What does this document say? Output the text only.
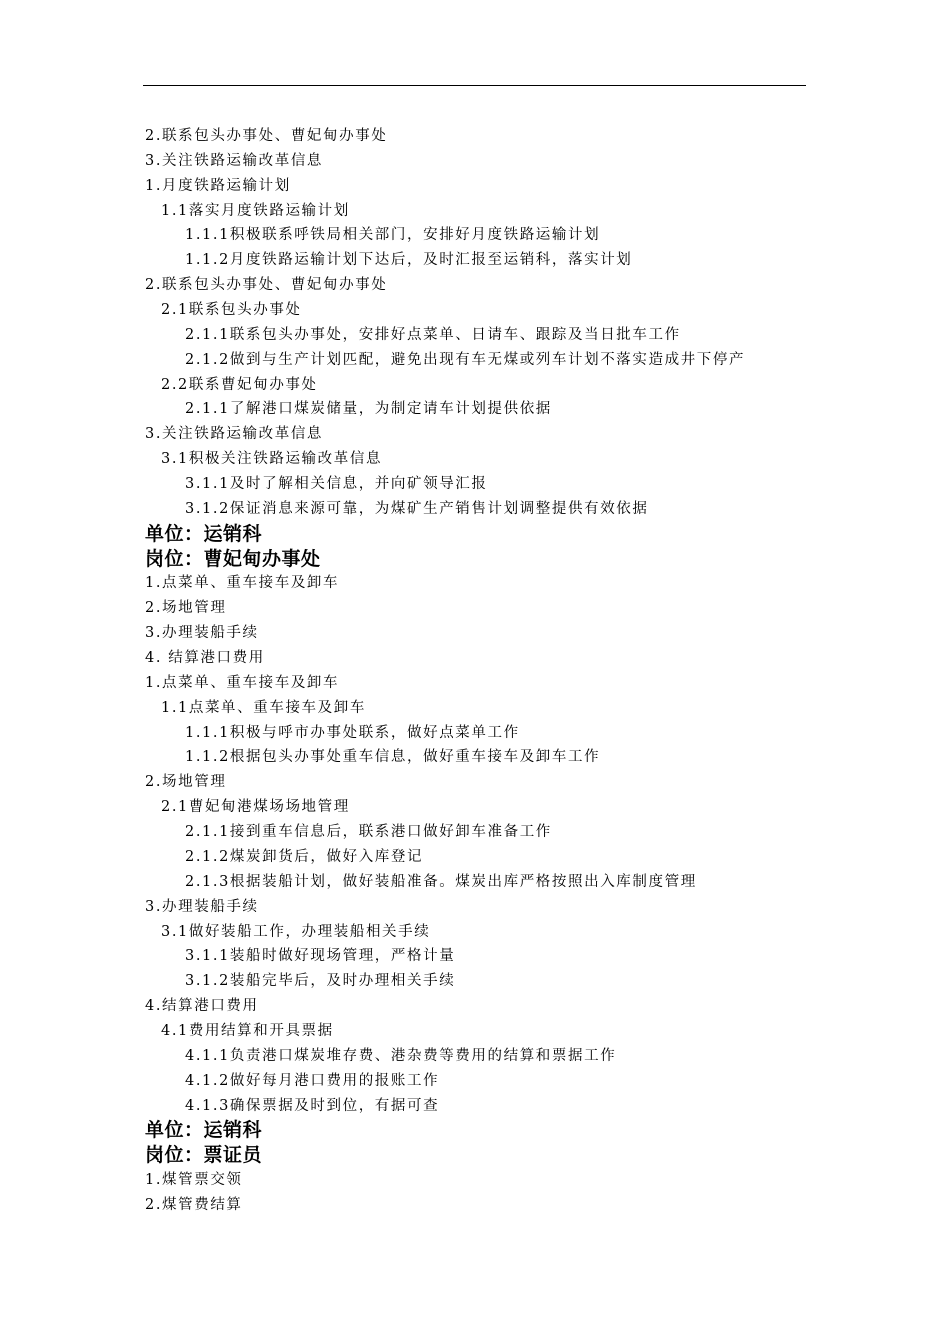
2.联系包头办事处、曹妃甸办事处
3.关注铁路运输改革信息
1.月度铁路运输计划
1.1落实月度铁路运输计划
1.1.1积极联系呼铁局相关部门，安排好月度铁路运输计划
1.1.2月度铁路运输计划下达后，及时汇报至运销科，落实计划
2.联系包头办事处、曹妃甸办事处
2.1联系包头办事处
2.1.1联系包头办事处，安排好点菜单、日请车、跟踪及当日批车工作
2.1.2做到与生产计划匹配，避免出现有车无煤或列车计划不落实造成井下停产
2.2联系曹妃甸办事处
2.1.1了解港口煤炭储量，为制定请车计划提供依据
3.关注铁路运输改革信息
3.1积极关注铁路运输改革信息
3.1.1及时了解相关信息，并向矿领导汇报
3.1.2保证消息来源可靠，为煤矿生产销售计划调整提供有效依据
单位：运销科
岗位：曹妃甸办事处
1.点菜单、重车接车及卸车
2.场地管理
3.办理装船手续
4. 结算港口费用
1.点菜单、重车接车及卸车
1.1点菜单、重车接车及卸车
1.1.1积极与呼市办事处联系，做好点菜单工作
1.1.2根据包头办事处重车信息，做好重车接车及卸车工作
2.场地管理
2.1曹妃甸港煤场场地管理
2.1.1接到重车信息后，联系港口做好卸车准备工作
2.1.2煤炭卸货后，做好入库登记
2.1.3根据装船计划，做好装船准备。煤炭出库严格按照出入库制度管理
3.办理装船手续
3.1做好装船工作，办理装船相关手续
3.1.1装船时做好现场管理，严格计量
3.1.2装船完毕后，及时办理相关手续
4.结算港口费用
4.1费用结算和开具票据
4.1.1负责港口煤炭堆存费、港杂费等费用的结算和票据工作
4.1.2做好每月港口费用的报账工作
4.1.3确保票据及时到位，有据可查
单位：运销科
岗位：票证员
1.煤管票交领
2.煤管费结算
